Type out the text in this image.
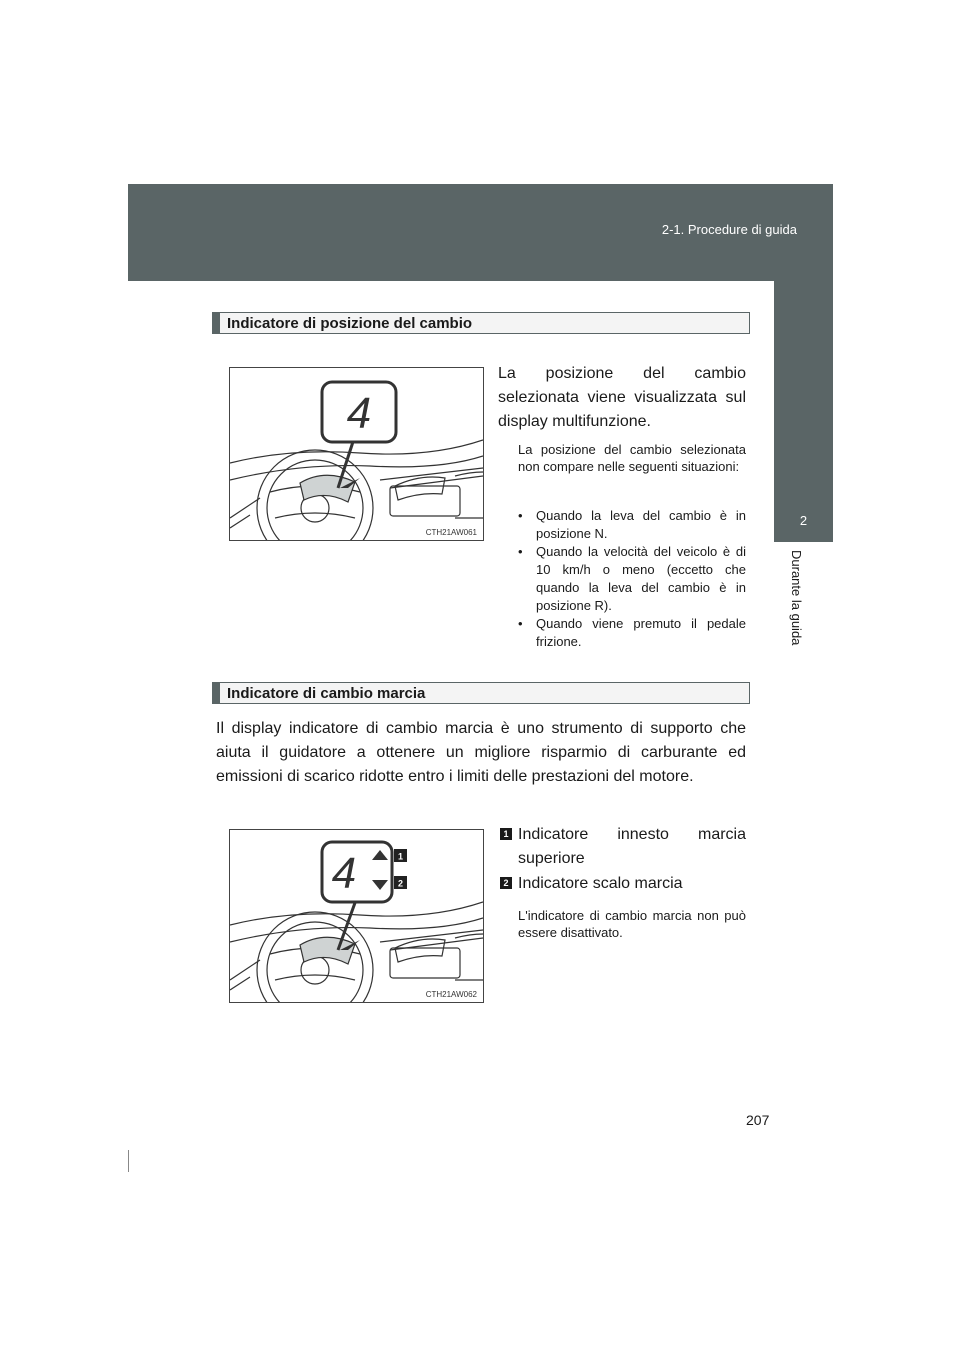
2-1. Procedure di guida
2
Durante la guida
Indicatore di posizione del cambio
4
CTH21AW061
La posizione del cambio selezionata viene visualizzata sul display multifunzione.
La posizione del cambio selezionata non compare nelle seguenti situazioni:
• Quando la leva del cambio è in posizione N.
• Quando la velocità del veicolo è di 10 km/h o meno (eccetto che quando la leva del cambio è in posizione R).
• Quando viene premuto il pedale frizione.
Indicatore di cambio marcia
Il display indicatore di cambio marcia è uno strumento di supporto che aiuta il guidatore a ottenere un migliore risparmio di carburante ed emissioni di scarico ridotte entro i limiti delle prestazioni del motore.
4	1
2
CTH21AW062
1 Indicatore innesto marcia superiore
2 Indicatore scalo marcia
L'indicatore di cambio marcia non può essere disattivato.
207
